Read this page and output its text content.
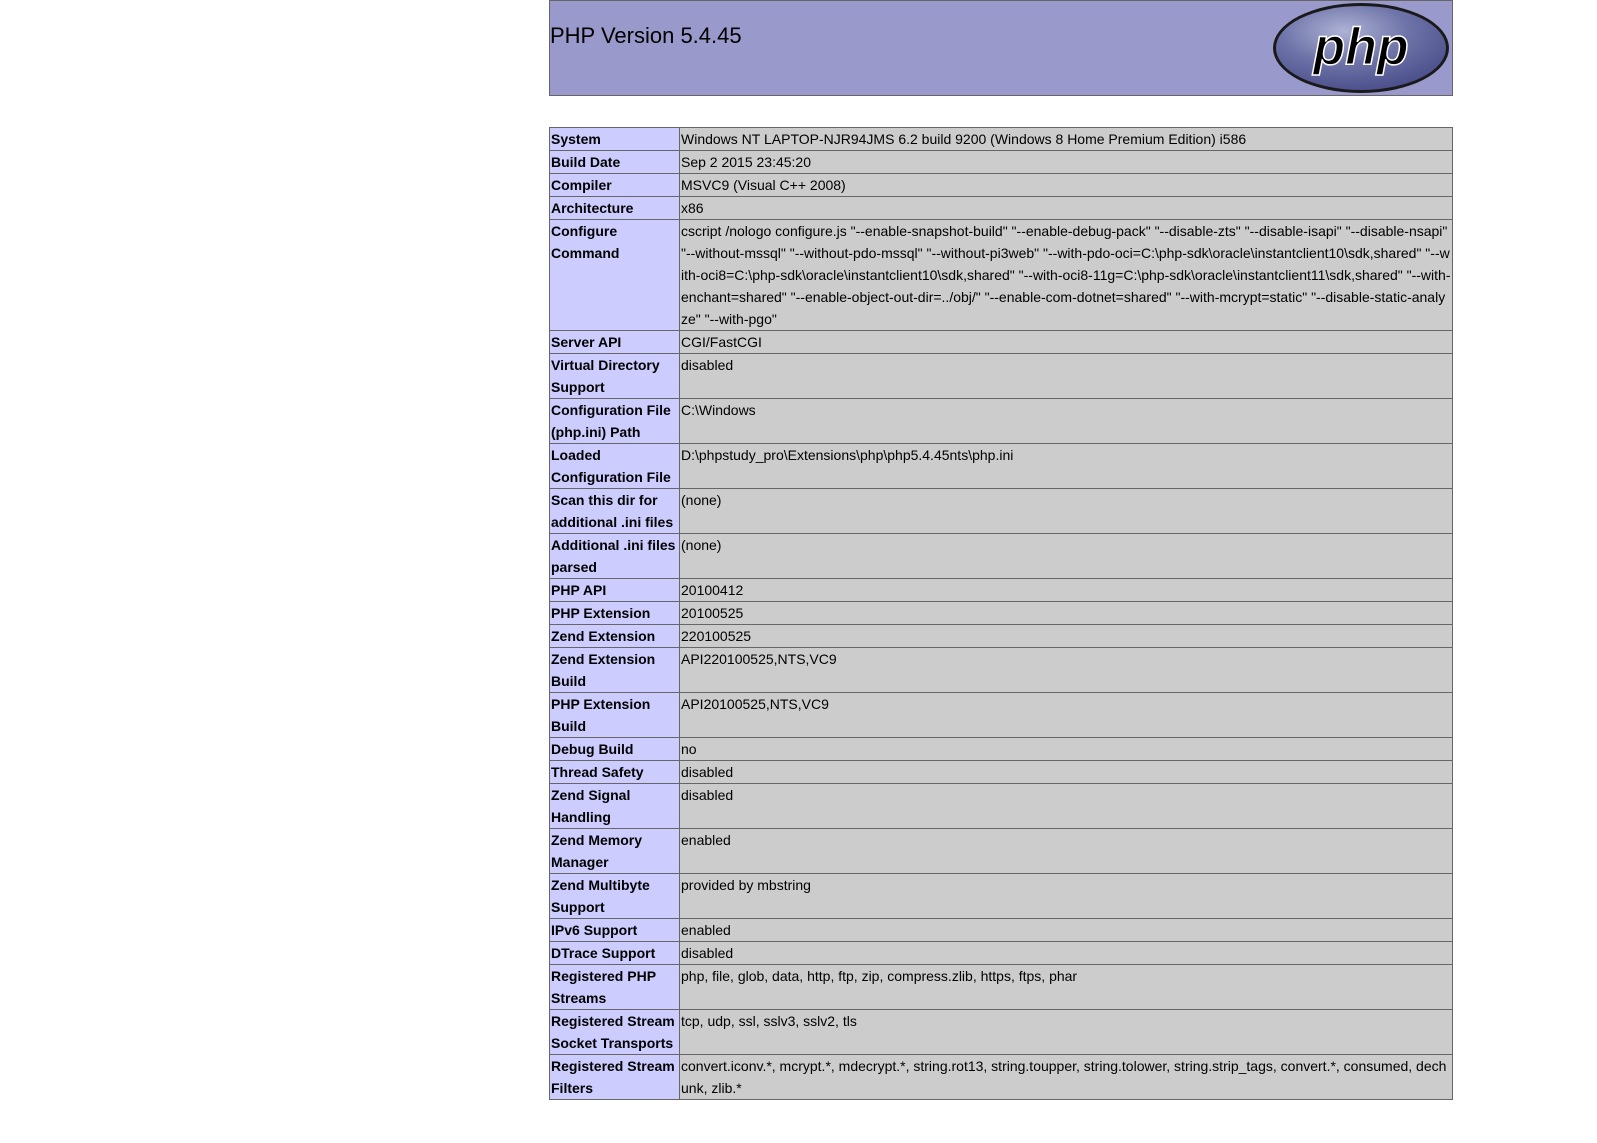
PHP Version 5.4.45	php
System	Windows NT LAPTOP-NJR94JMS 6.2 build 9200 (Windows 8 Home Premium Edition) i586
Build Date	Sep 2 2015 23:45:20
Compiler	MSVC9 (Visual C++ 2008)
Architecture	x86
Configure Command	cscript /nologo configure.js "--enable-snapshot-build" "--enable-debug-pack" "--disable-zts" "--disable-isapi" "--disable-nsapi" "--without-mssql" "--without-pdo-mssql" "--without-pi3web" "--with-pdo-oci=C:\php-sdk\oracle\instantclient10\sdk,shared" "--with-oci8=C:\php-sdk\oracle\instantclient10\sdk,shared" "--with-oci8-11g=C:\php-sdk\oracle\instantclient11\sdk,shared" "--with-enchant=shared" "--enable-object-out-dir=../obj/" "--enable-com-dotnet=shared" "--with-mcrypt=static" "--disable-static-analyze" "--with-pgo"
Server API	CGI/FastCGI
Virtual Directory Support	disabled
Configuration File (php.ini) Path	C:\Windows
Loaded Configuration File	D:\phpstudy_pro\Extensions\php\php5.4.45nts\php.ini
Scan this dir for additional .ini files	(none)
Additional .ini files parsed	(none)
PHP API	20100412
PHP Extension	20100525
Zend Extension	220100525
Zend Extension Build	API220100525,NTS,VC9
PHP Extension Build	API20100525,NTS,VC9
Debug Build	no
Thread Safety	disabled
Zend Signal Handling	disabled
Zend Memory Manager	enabled
Zend Multibyte Support	provided by mbstring
IPv6 Support	enabled
DTrace Support	disabled
Registered PHP Streams	php, file, glob, data, http, ftp, zip, compress.zlib, https, ftps, phar
Registered Stream Socket Transports	tcp, udp, ssl, sslv3, sslv2, tls
Registered Stream Filters	convert.iconv.*, mcrypt.*, mdecrypt.*, string.rot13, string.toupper, string.tolower, string.strip_tags, convert.*, consumed, dechunk, zlib.*
